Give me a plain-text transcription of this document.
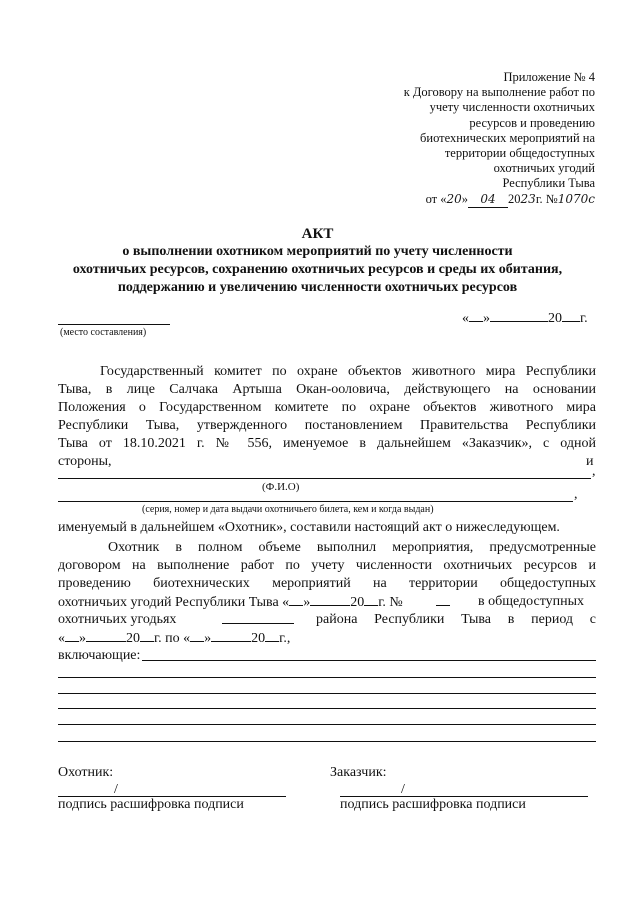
Приложение № 4
к Договору на выполнение работ по
учету численности охотничьих
ресурсов и проведению
биотехнических мероприятий на
территории общедоступных
охотничьих угодий
Республики Тыва
от «20» 04 2023г. №1070с
АКТ
о выполнении охотником мероприятий по учету численности
охотничьих ресурсов, сохранению охотничьих ресурсов и среды их обитания,
поддержанию и увеличению численности охотничьих ресурсов
(место составления)
« »	20 г.
Государственный комитет по охране объектов животного мира Республики
Тыва, в лице Салчака Артыша Окан-ооловича, действующего на основании
Положения о Государственном комитете по охране объектов животного мира
Республики Тыва, утвержденного постановлением Правительства Республики
Тыва от 18.10.2021 г. № 556, именуемое в дальнейшем «Заказчик», с одной
стороны,	и
,
(Ф.И.О)	,
(серия, номер и дата выдачи охотничьего билета, кем и когда выдан)
именуемый в дальнейшем «Охотник», составили настоящий акт о нижеследующем.
Охотник в полном объеме выполнил мероприятия, предусмотренные
договором на выполнение работ по учету численности охотничьих ресурсов и
проведению биотехнических мероприятий на территории общедоступных
охотничьих угодий Республики Тыва « »	20 г. №	в общедоступных
охотничьих угодьях	района Республики Тыва в период с
« »	20 г. по « »	20 г.,
включающие:
Охотник:
/
подпись расшифровка подписи
Заказчик:
/
подпись расшифровка подписи
